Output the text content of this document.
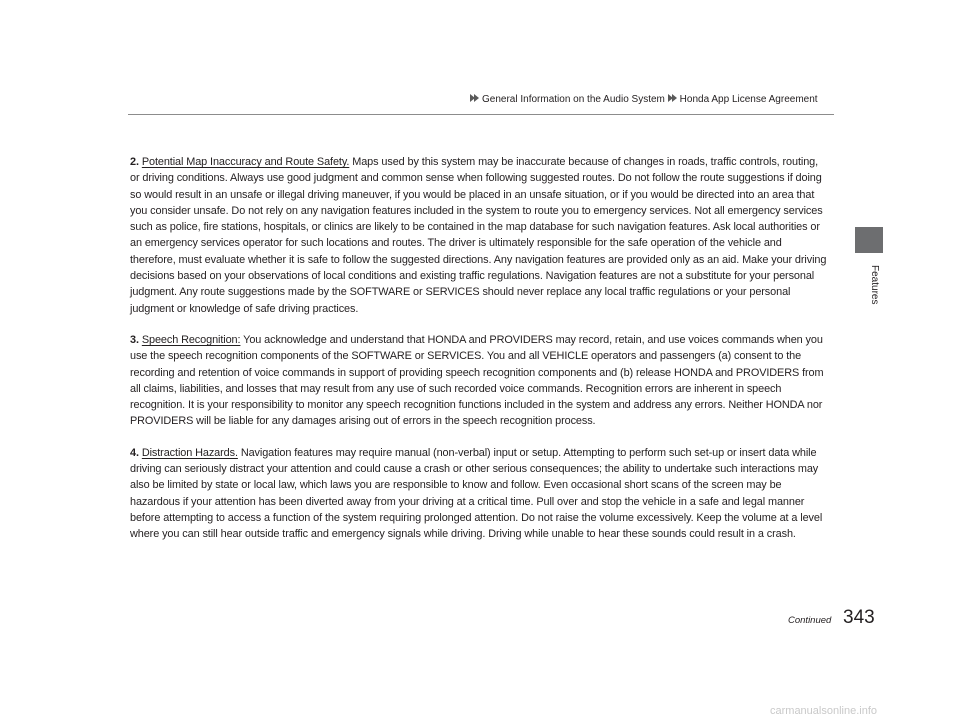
General Information on the Audio System Honda App License Agreement
Features

2. Potential Map Inaccuracy and Route Safety. Maps used by this system may be inaccurate because of changes in roads, traffic controls, routing, or driving conditions. Always use good judgment and common sense when following suggested routes. Do not follow the route suggestions if doing so would result in an unsafe or illegal driving maneuver, if you would be placed in an unsafe situation, or if you would be directed into an area that you consider unsafe. Do not rely on any navigation features included in the system to route you to emergency services. Not all emergency services such as police, fire stations, hospitals, or clinics are likely to be contained in the map database for such navigation features. Ask local authorities or an emergency services operator for such locations and routes. The driver is ultimately responsible for the safe operation of the vehicle and therefore, must evaluate whether it is safe to follow the suggested directions. Any navigation features are provided only as an aid. Make your driving decisions based on your observations of local conditions and existing traffic regulations. Navigation features are not a substitute for your personal judgment. Any route suggestions made by the SOFTWARE or SERVICES should never replace any local traffic regulations or your personal judgment or knowledge of safe driving practices.

3. Speech Recognition: You acknowledge and understand that HONDA and PROVIDERS may record, retain, and use voices commands when you use the speech recognition components of the SOFTWARE or SERVICES. You and all VEHICLE operators and passengers (a) consent to the recording and retention of voice commands in support of providing speech recognition components and (b) release HONDA and PROVIDERS from all claims, liabilities, and losses that may result from any use of such recorded voice commands. Recognition errors are inherent in speech recognition. It is your responsibility to monitor any speech recognition functions included in the system and address any errors. Neither HONDA nor PROVIDERS will be liable for any damages arising out of errors in the speech recognition process.

4. Distraction Hazards. Navigation features may require manual (non-verbal) input or setup. Attempting to perform such set-up or insert data while driving can seriously distract your attention and could cause a crash or other serious consequences; the ability to undertake such interactions may also be limited by state or local law, which laws you are responsible to know and follow. Even occasional short scans of the screen may be hazardous if your attention has been diverted away from your driving at a critical time. Pull over and stop the vehicle in a safe and legal manner before attempting to access a function of the system requiring prolonged attention. Do not raise the volume excessively. Keep the volume at a level where you can still hear outside traffic and emergency signals while driving. Driving while unable to hear these sounds could result in a crash.

Continued 343
carmanualsonline.info
